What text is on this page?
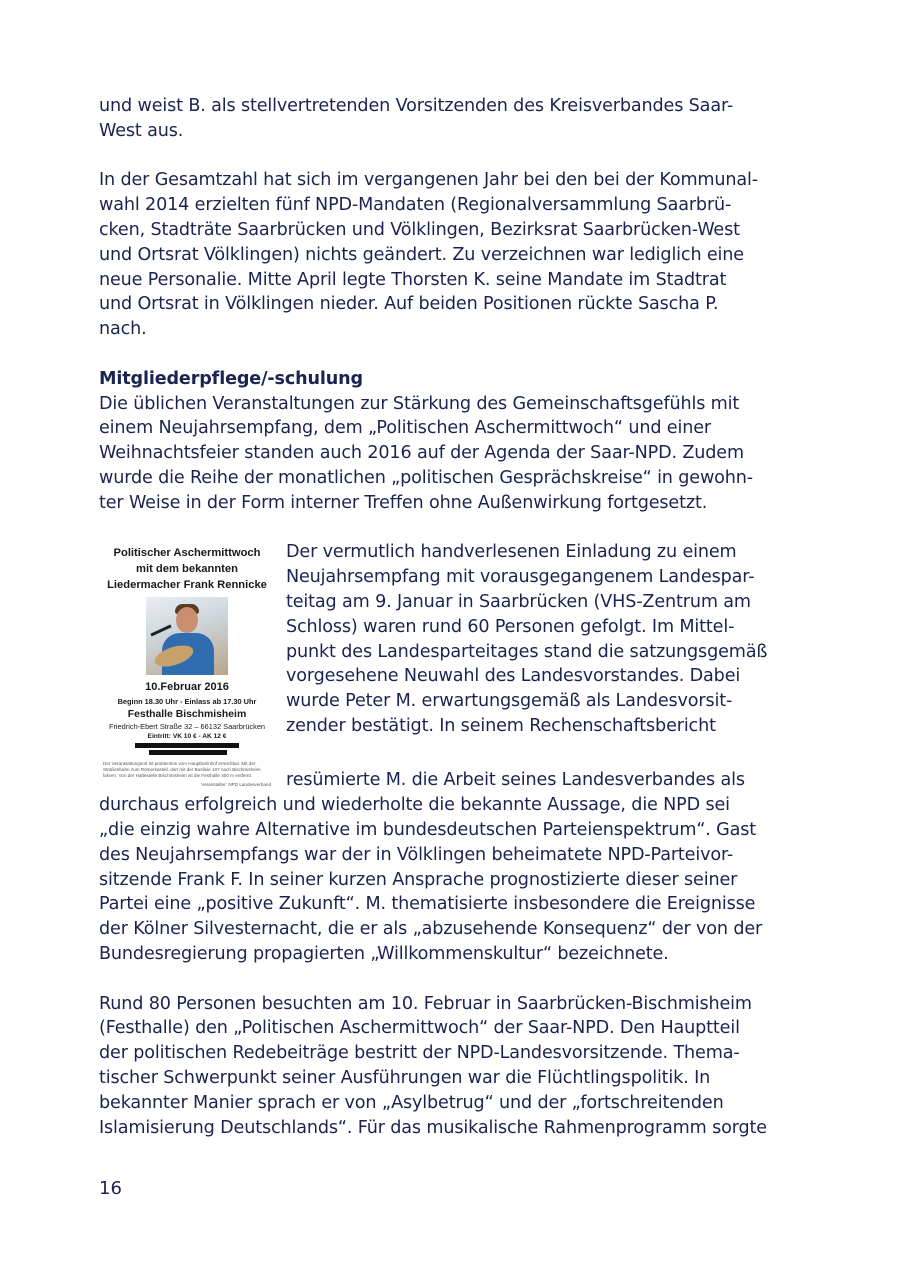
und weist B. als stellvertretenden Vorsitzenden des Kreisverbandes Saar-

West aus.

In der Gesamtzahl hat sich im vergangenen Jahr bei den bei der Kommunal-

wahl 2014 erzielten fünf NPD-Mandaten (Regionalversammlung Saarbrü-

cken, Stadträte Saarbrücken und Völklingen, Bezirksrat Saarbrücken-West

und Ortsrat Völklingen) nichts geändert. Zu verzeichnen war lediglich eine

neue Personalie. Mitte April legte Thorsten K. seine Mandate im Stadtrat

und Ortsrat in Völklingen nieder. Auf beiden Positionen rückte Sascha P.

nach.

Mitgliederpflege/-schulung

Die üblichen Veranstaltungen zur Stärkung des Gemeinschaftsgefühls mit

einem Neujahrsempfang, dem „Politischen Aschermittwoch“ und einer

Weihnachtsfeier standen auch 2016 auf der Agenda der Saar-NPD. Zudem

wurde die Reihe der monatlichen „politischen Gesprächskreise“ in gewohn-

ter Weise in der Form interner Treffen ohne Außenwirkung fortgesetzt.

Politischer Aschermittwoch
mit dem bekannten
Liedermacher Frank Rennicke
10.Februar 2016
Beginn 18.30 Uhr - Einlass ab 17.30 Uhr
Festhalle Bischmisheim
Friedrich-Ebert Straße 32 – 66132 Saarbrücken
Eintritt: VK 10 € - AK 12 €
Der Veranstaltungsort ist problemlos vom Hauptbahnhof erreichbar. Mit der Straßenbahn zum Römerkastell, dort mit der Buslinie 107 nach Bischmisheim fahren. Von der Haltestelle Bischmisheim ist die Festhalle 400 m entfernt.
Veranstalter: NPD Landesverband

Der vermutlich handverlesenen Einladung zu einem

Neujahrsempfang mit vorausgegangenem Landespar-

teitag am 9. Januar in Saarbrücken (VHS-Zentrum am

Schloss) waren rund 60 Personen gefolgt. Im Mittel-

punkt des Landesparteitages stand die satzungsgemäß

vorgesehene Neuwahl des Landesvorstandes. Dabei

wurde Peter M. erwartungsgemäß als Landesvorsit-

zender bestätigt. In seinem Rechenschaftsbericht

resümierte M. die Arbeit seines Landesverbandes als

durchaus erfolgreich und wiederholte die bekannte Aussage, die NPD sei

„die einzig wahre Alternative im bundesdeutschen Parteienspektrum“. Gast

des Neujahrsempfangs war der in Völklingen beheimatete NPD-Parteivor-

sitzende Frank F. In seiner kurzen Ansprache prognostizierte dieser seiner

Partei eine „positive Zukunft“. M. thematisierte insbesondere die Ereignisse

der Kölner Silvesternacht, die er als „abzusehende Konsequenz“ der von der

Bundesregierung propagierten „Willkommenskultur“ bezeichnete.

Rund 80 Personen besuchten am 10. Februar in Saarbrücken-Bischmisheim

(Festhalle) den „Politischen Aschermittwoch“ der Saar-NPD. Den Hauptteil

der politischen Redebeiträge bestritt der NPD-Landesvorsitzende. Thema-

tischer Schwerpunkt seiner Ausführungen war die Flüchtlingspolitik. In

bekannter Manier sprach er von „Asylbetrug“ und der „fortschreitenden

Islamisierung Deutschlands“. Für das musikalische Rahmenprogramm sorgte

16
